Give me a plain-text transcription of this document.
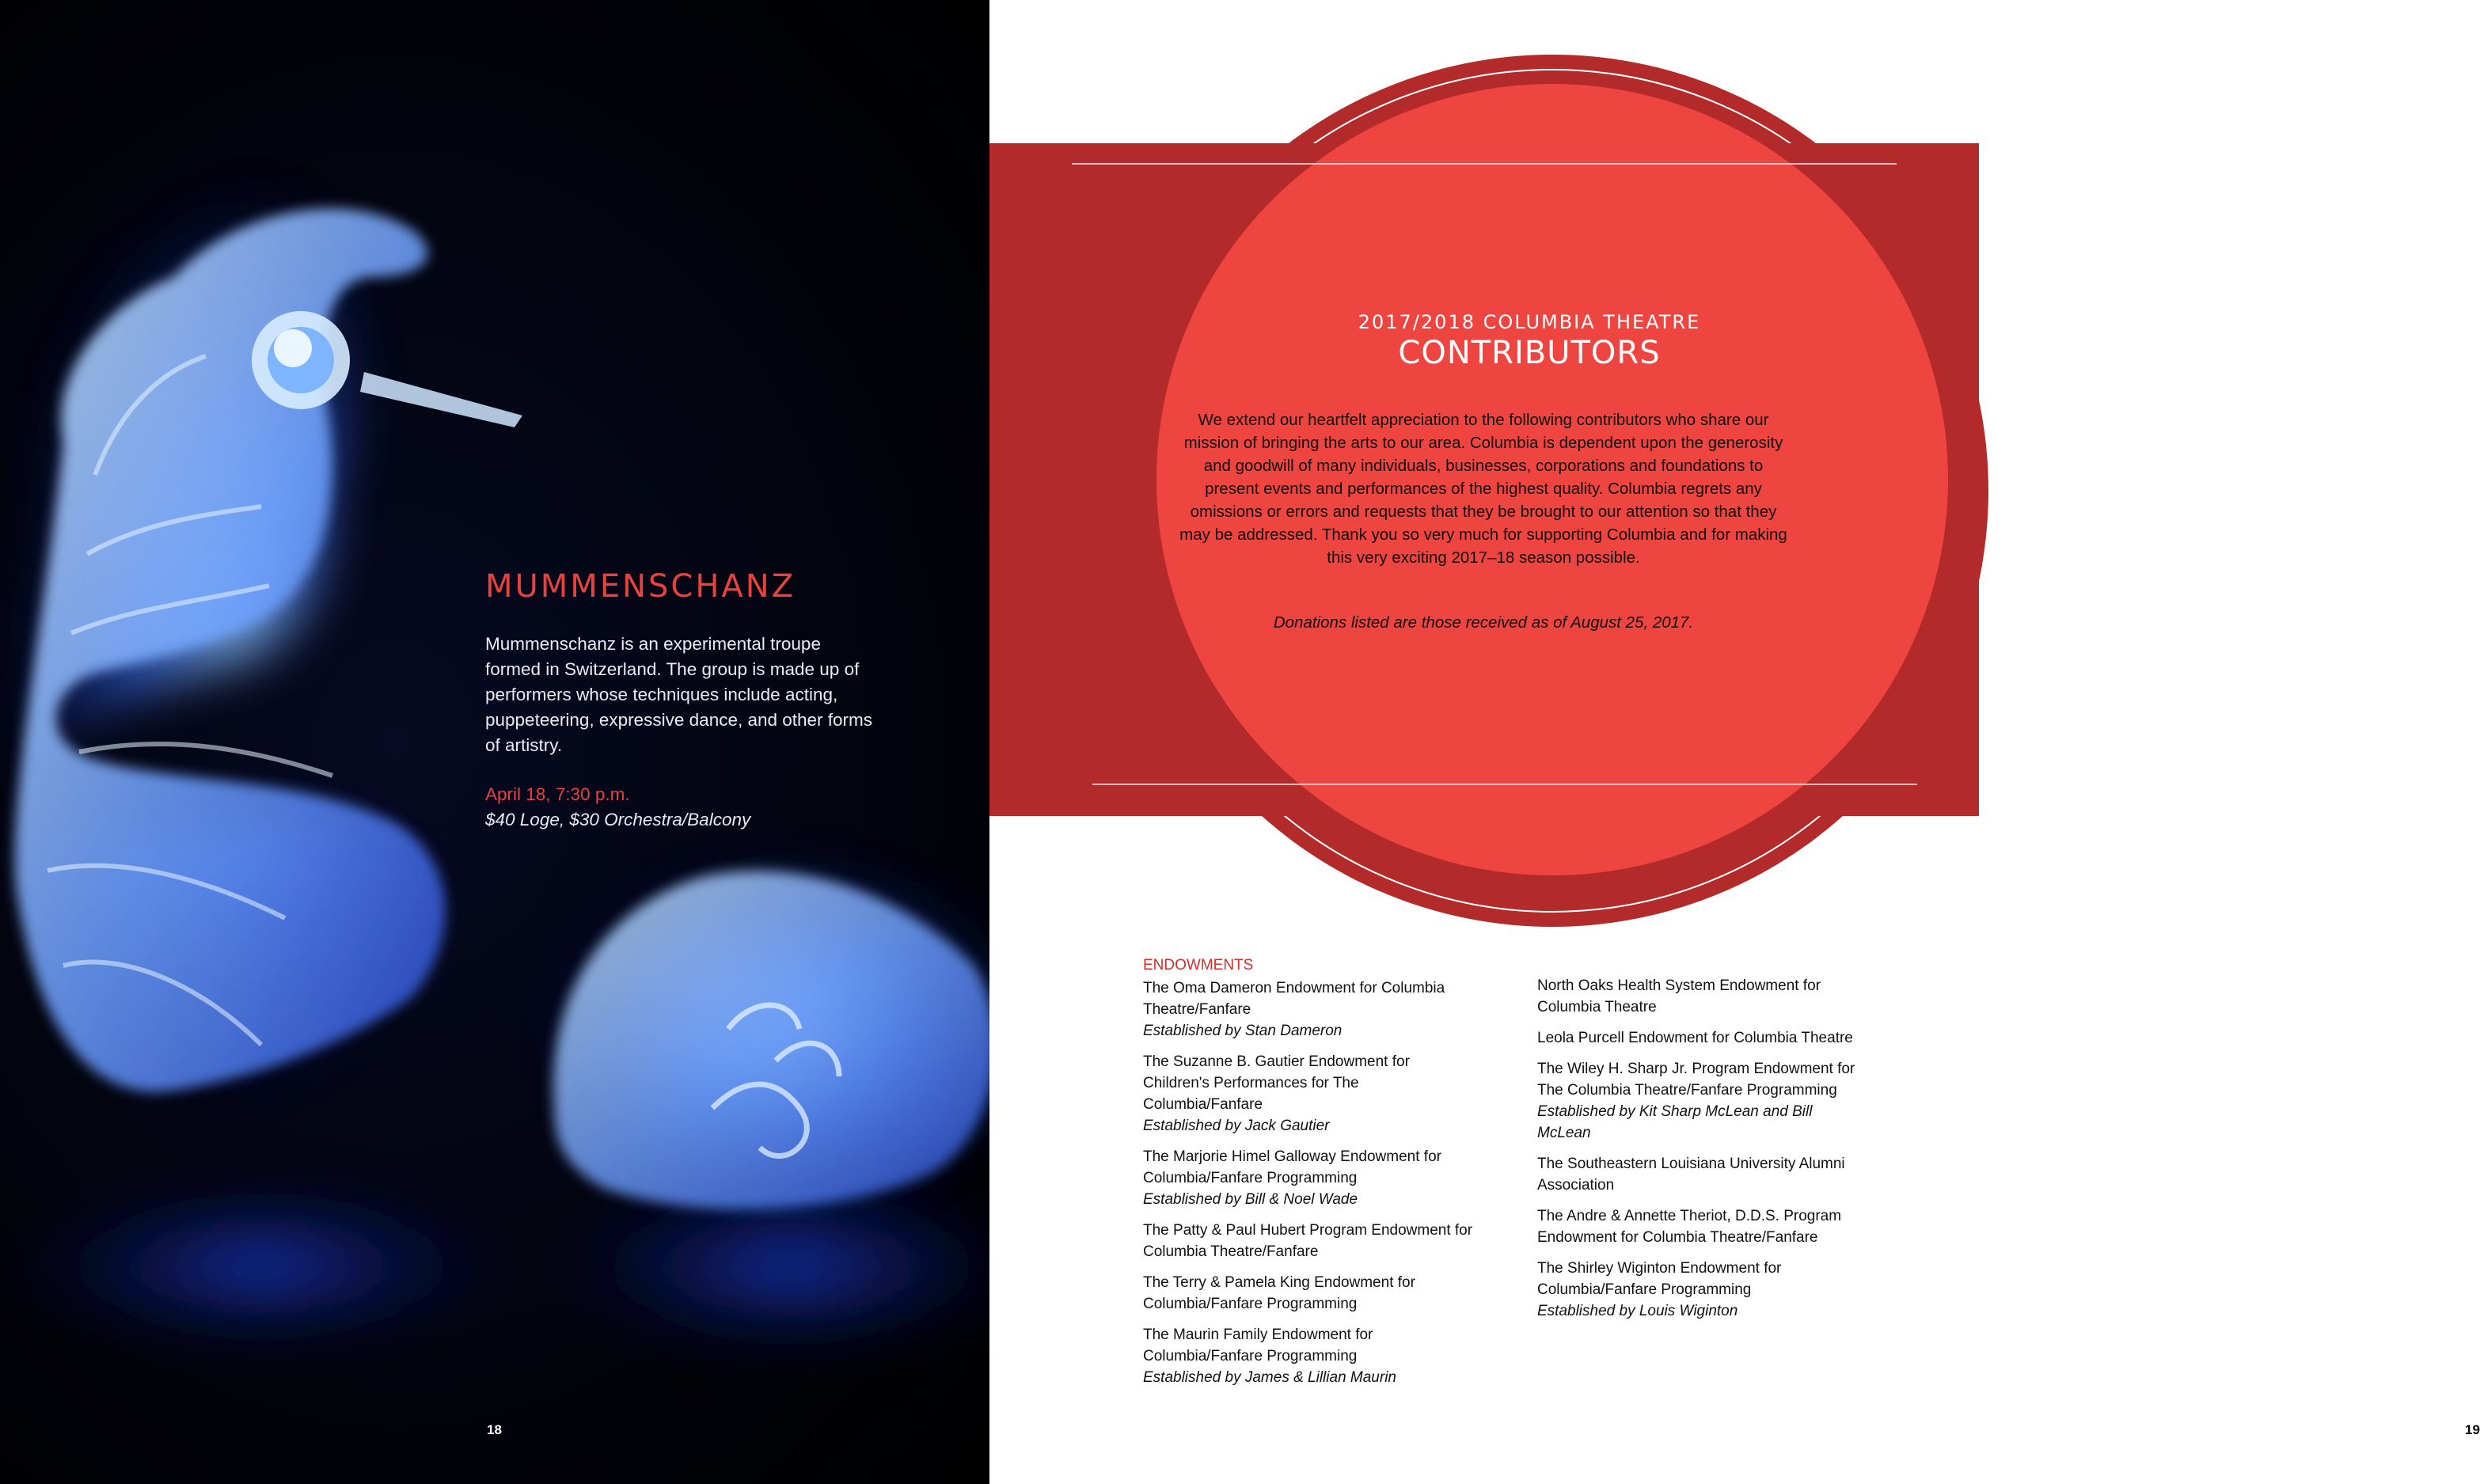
MUMMENSCHANZ
Mummenschanz is an experimental troupe formed in Switzerland. The group is made up of performers whose techniques include acting, puppeteering, expressive dance, and other forms of artistry.
April 18, 7:30 p.m.
$40 Loge, $30 Orchestra/Balcony
18
2017/2018 COLUMBIA THEATRE
CONTRIBUTORS
We extend our heartfelt appreciation to the following contributors who share our mission of bringing the arts to our area. Columbia is dependent upon the generosity and goodwill of many individuals, businesses, corporations and foundations to present events and performances of the highest quality. Columbia regrets any omissions or errors and requests that they be brought to our attention so that they may be addressed. Thank you so very much for supporting Columbia and for making this very exciting 2017–18 season possible.
Donations listed are those received as of August 25, 2017.
ENDOWMENTS
The Oma Dameron Endowment for Columbia Theatre/Fanfare
Established by Stan Dameron
The Suzanne B. Gautier Endowment for Children's Performances for The Columbia/Fanfare
Established by Jack Gautier
The Marjorie Himel Galloway Endowment for Columbia/Fanfare Programming
Established by Bill & Noel Wade
The Patty & Paul Hubert Program Endowment for Columbia Theatre/Fanfare
The Terry & Pamela King Endowment for Columbia/Fanfare Programming
The Maurin Family Endowment for Columbia/Fanfare Programming
Established by James & Lillian Maurin
North Oaks Health System Endowment for Columbia Theatre
Leola Purcell Endowment for Columbia Theatre
The Wiley H. Sharp Jr. Program Endowment for The Columbia Theatre/Fanfare Programming
Established by Kit Sharp McLean and Bill McLean
The Southeastern Louisiana University Alumni Association
The Andre & Annette Theriot, D.D.S. Program Endowment for Columbia Theatre/Fanfare
The Shirley Wiginton Endowment for Columbia/Fanfare Programming
Established by Louis Wiginton
19
